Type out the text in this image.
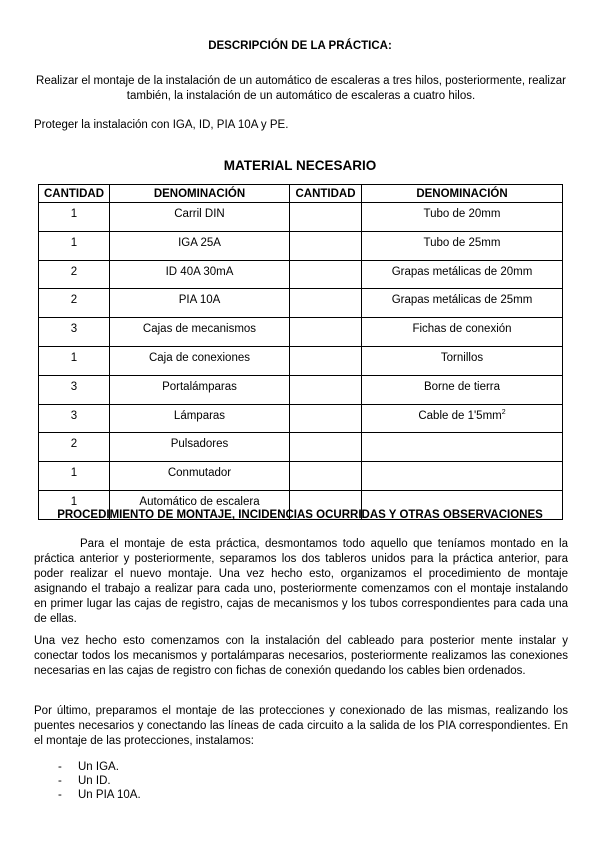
DESCRIPCIÓN DE LA PRÁCTICA:
Realizar el montaje de la instalación de un automático de escaleras a tres hilos, posteriormente, realizar también, la instalación de un automático de escaleras a cuatro hilos.
Proteger la instalación con IGA, ID, PIA 10A y PE.
MATERIAL NECESARIO
CANTIDAD	DENOMINACIÓN	CANTIDAD	DENOMINACIÓN
1	Carril DIN		Tubo de 20mm
1	IGA 25A		Tubo de 25mm
2	ID 40A 30mA		Grapas metálicas de 20mm
2	PIA 10A		Grapas metálicas de 25mm
3	Cajas de mecanismos		Fichas de conexión
1	Caja de conexiones		Tornillos
3	Portalámparas		Borne de tierra
3	Lámparas		Cable de $1'5mm^2$
2	Pulsadores		
1	Conmutador		
1	Automático de escalera		
PROCEDIMIENTO DE MONTAJE, INCIDENCIAS OCURRIDAS Y OTRAS OBSERVACIONES
Para el montaje de esta práctica, desmontamos todo aquello que teníamos montado en la práctica anterior y posteriormente, separamos los dos tableros unidos para la práctica anterior, para poder realizar el nuevo montaje. Una vez hecho esto, organizamos el procedimiento de montaje asignando el trabajo a realizar para cada uno, posteriormente comenzamos con el montaje instalando en primer lugar las cajas de registro, cajas de mecanismos y los tubos correspondientes para cada una de ellas.
Una vez hecho esto comenzamos con la instalación del cableado para posterior mente instalar y conectar todos los mecanismos y portalámparas necesarios, posteriormente realizamos las conexiones necesarias en las cajas de registro con fichas de conexión quedando los cables bien ordenados.
Por último, preparamos el montaje de las protecciones y conexionado de las mismas, realizando los puentes necesarios y conectando las líneas de cada circuito a la salida de los PIA correspondientes. En el montaje de las protecciones, instalamos:
- Un IGA.
- Un ID.
- Un PIA 10A.
